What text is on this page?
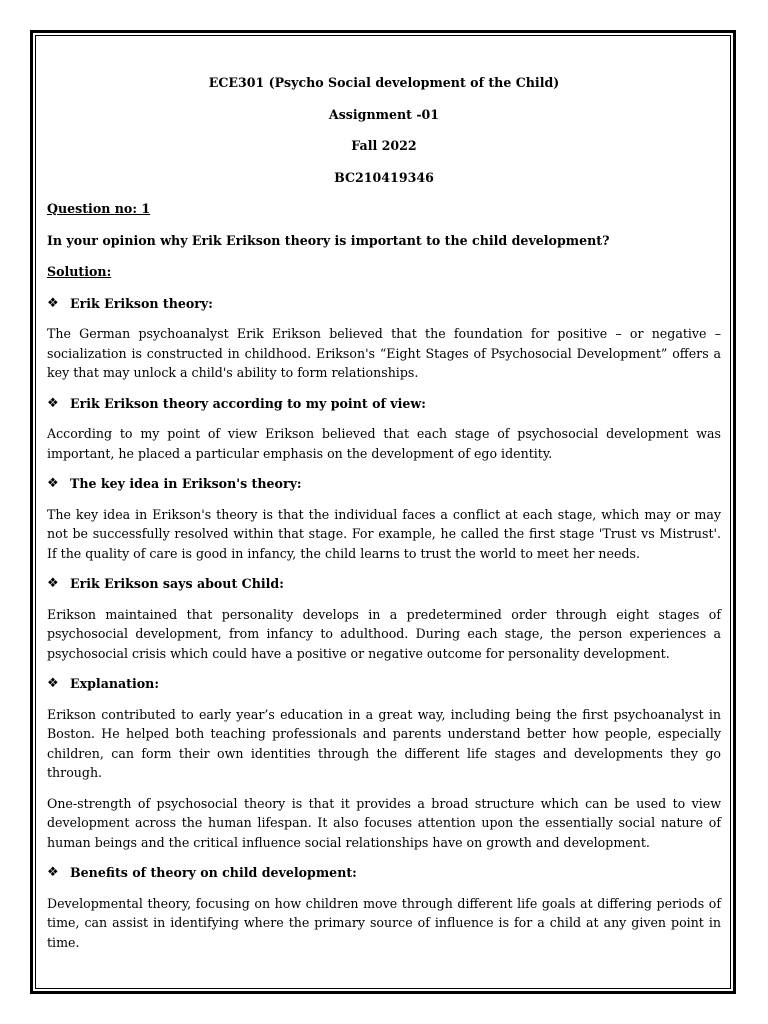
ECE301 (Psycho Social development of the Child)

Assignment -01

Fall 2022

BC210419346

Question no: 1

In your opinion why Erik Erikson theory is important to the child development?

Solution:

❖ Erik Erikson theory:

The German psychoanalyst Erik Erikson believed that the foundation for positive – or negative – socialization is constructed in childhood. Erikson's “Eight Stages of Psychosocial Development” offers a key that may unlock a child's ability to form relationships.

❖ Erik Erikson theory according to my point of view:

According to my point of view Erikson believed that each stage of psychosocial development was important, he placed a particular emphasis on the development of ego identity.

❖ The key idea in Erikson's theory:

The key idea in Erikson's theory is that the individual faces a conflict at each stage, which may or may not be successfully resolved within that stage. For example, he called the first stage 'Trust vs Mistrust'. If the quality of care is good in infancy, the child learns to trust the world to meet her needs.

❖ Erik Erikson says about Child:

Erikson maintained that personality develops in a predetermined order through eight stages of psychosocial development, from infancy to adulthood. During each stage, the person experiences a psychosocial crisis which could have a positive or negative outcome for personality development.

❖ Explanation:

Erikson contributed to early year’s education in a great way, including being the first psychoanalyst in Boston. He helped both teaching professionals and parents understand better how people, especially children, can form their own identities through the different life stages and developments they go through.

One-strength of psychosocial theory is that it provides a broad structure which can be used to view development across the human lifespan. It also focuses attention upon the essentially social nature of human beings and the critical influence social relationships have on growth and development.

❖ Benefits of theory on child development:

Developmental theory, focusing on how children move through different life goals at differing periods of time, can assist in identifying where the primary source of influence is for a child at any given point in time.
